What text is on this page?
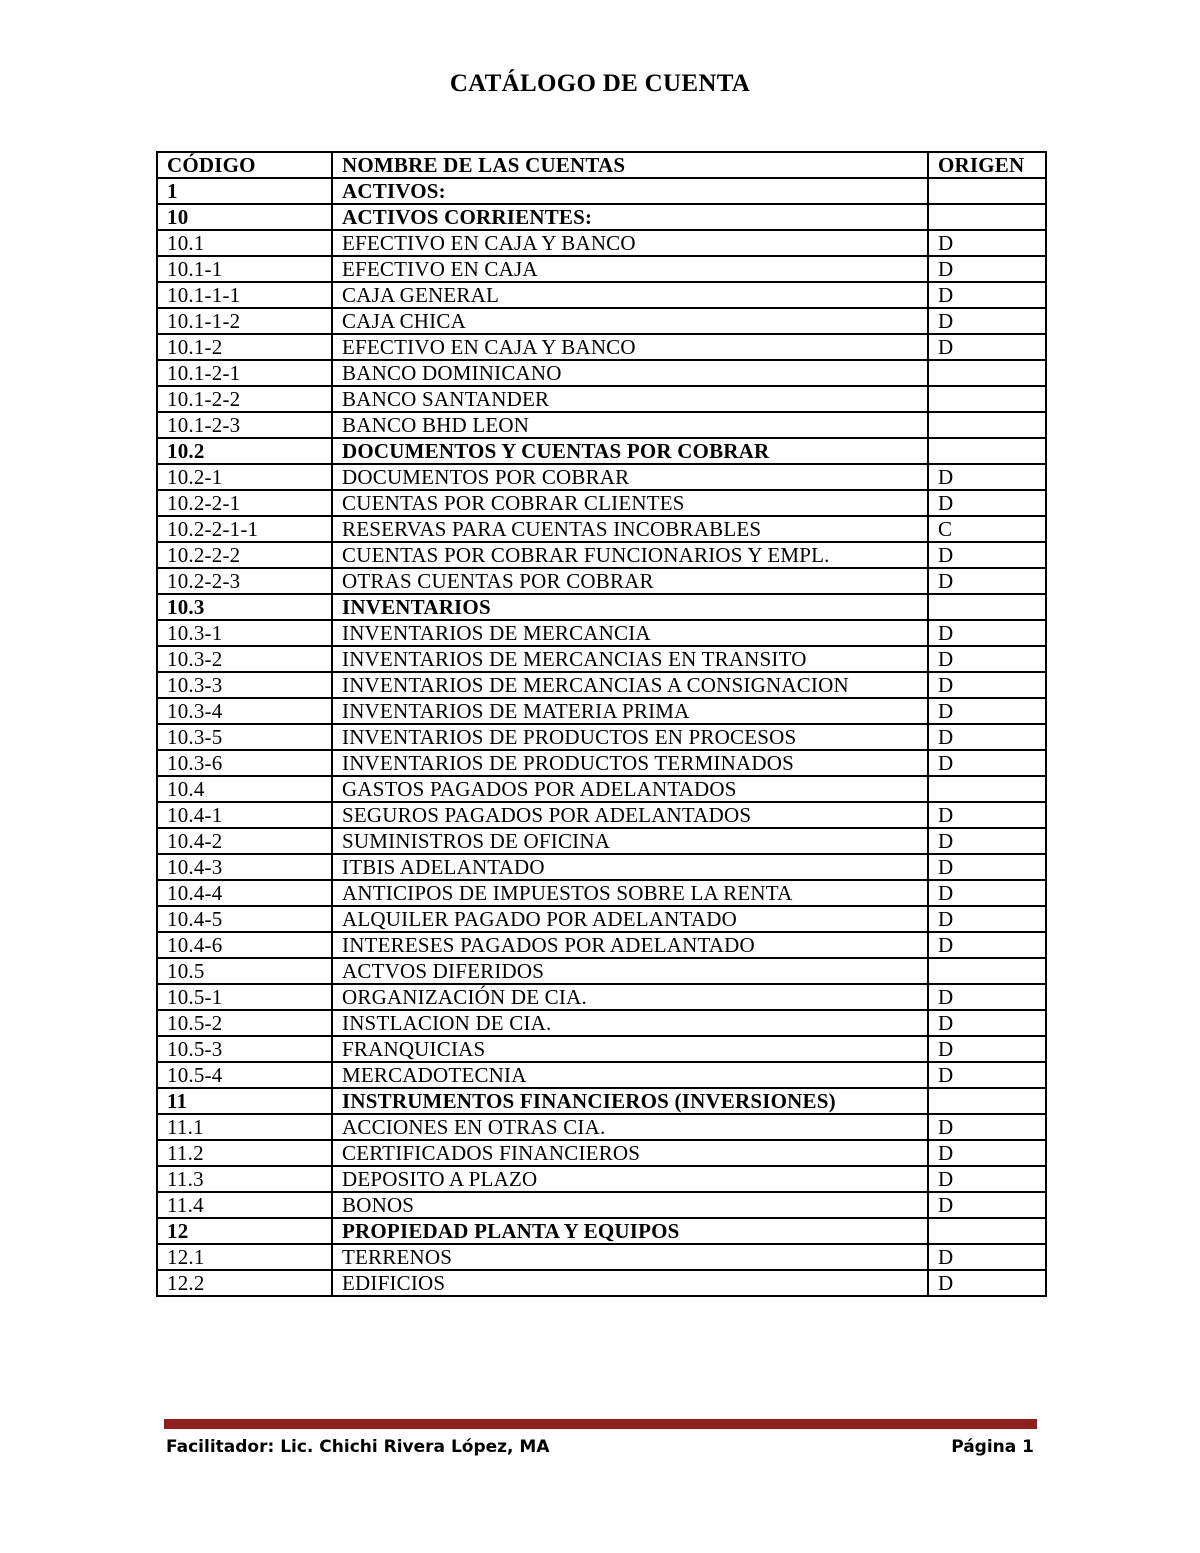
CATÁLOGO DE CUENTA
CÓDIGO	NOMBRE DE LAS CUENTAS	ORIGEN
1	ACTIVOS:	
10	ACTIVOS CORRIENTES:	
10.1	EFECTIVO EN CAJA Y BANCO	D
10.1-1	EFECTIVO EN CAJA	D
10.1-1-1	CAJA GENERAL	D
10.1-1-2	CAJA CHICA	D
10.1-2	EFECTIVO EN CAJA Y BANCO	D
10.1-2-1	BANCO DOMINICANO	
10.1-2-2	BANCO SANTANDER	
10.1-2-3	BANCO BHD LEON	
10.2	DOCUMENTOS Y CUENTAS POR COBRAR	
10.2-1	DOCUMENTOS POR COBRAR	D
10.2-2-1	CUENTAS POR COBRAR CLIENTES	D
10.2-2-1-1	RESERVAS PARA CUENTAS INCOBRABLES	C
10.2-2-2	CUENTAS POR COBRAR FUNCIONARIOS Y EMPL.	D
10.2-2-3	OTRAS CUENTAS POR COBRAR	D
10.3	INVENTARIOS	
10.3-1	INVENTARIOS DE MERCANCIA	D
10.3-2	INVENTARIOS DE MERCANCIAS EN TRANSITO	D
10.3-3	INVENTARIOS DE MERCANCIAS A CONSIGNACION	D
10.3-4	INVENTARIOS DE MATERIA PRIMA	D
10.3-5	INVENTARIOS DE PRODUCTOS EN PROCESOS	D
10.3-6	INVENTARIOS DE PRODUCTOS TERMINADOS	D
10.4	GASTOS PAGADOS POR ADELANTADOS	
10.4-1	SEGUROS PAGADOS POR ADELANTADOS	D
10.4-2	SUMINISTROS DE OFICINA	D
10.4-3	ITBIS ADELANTADO	D
10.4-4	ANTICIPOS DE IMPUESTOS SOBRE LA RENTA	D
10.4-5	ALQUILER PAGADO POR ADELANTADO	D
10.4-6	INTERESES PAGADOS POR ADELANTADO	D
10.5	ACTVOS DIFERIDOS	
10.5-1	ORGANIZACIÓN DE CIA.	D
10.5-2	INSTLACION DE CIA.	D
10.5-3	FRANQUICIAS	D
10.5-4	MERCADOTECNIA	D
11	INSTRUMENTOS FINANCIEROS (INVERSIONES)	
11.1	ACCIONES EN OTRAS CIA.	D
11.2	CERTIFICADOS FINANCIEROS	D
11.3	DEPOSITO A PLAZO	D
11.4	BONOS	D
12	PROPIEDAD PLANTA Y EQUIPOS	
12.1	TERRENOS	D
12.2	EDIFICIOS	D
Facilitador: Lic. Chichi Rivera López, MA	Página 1
